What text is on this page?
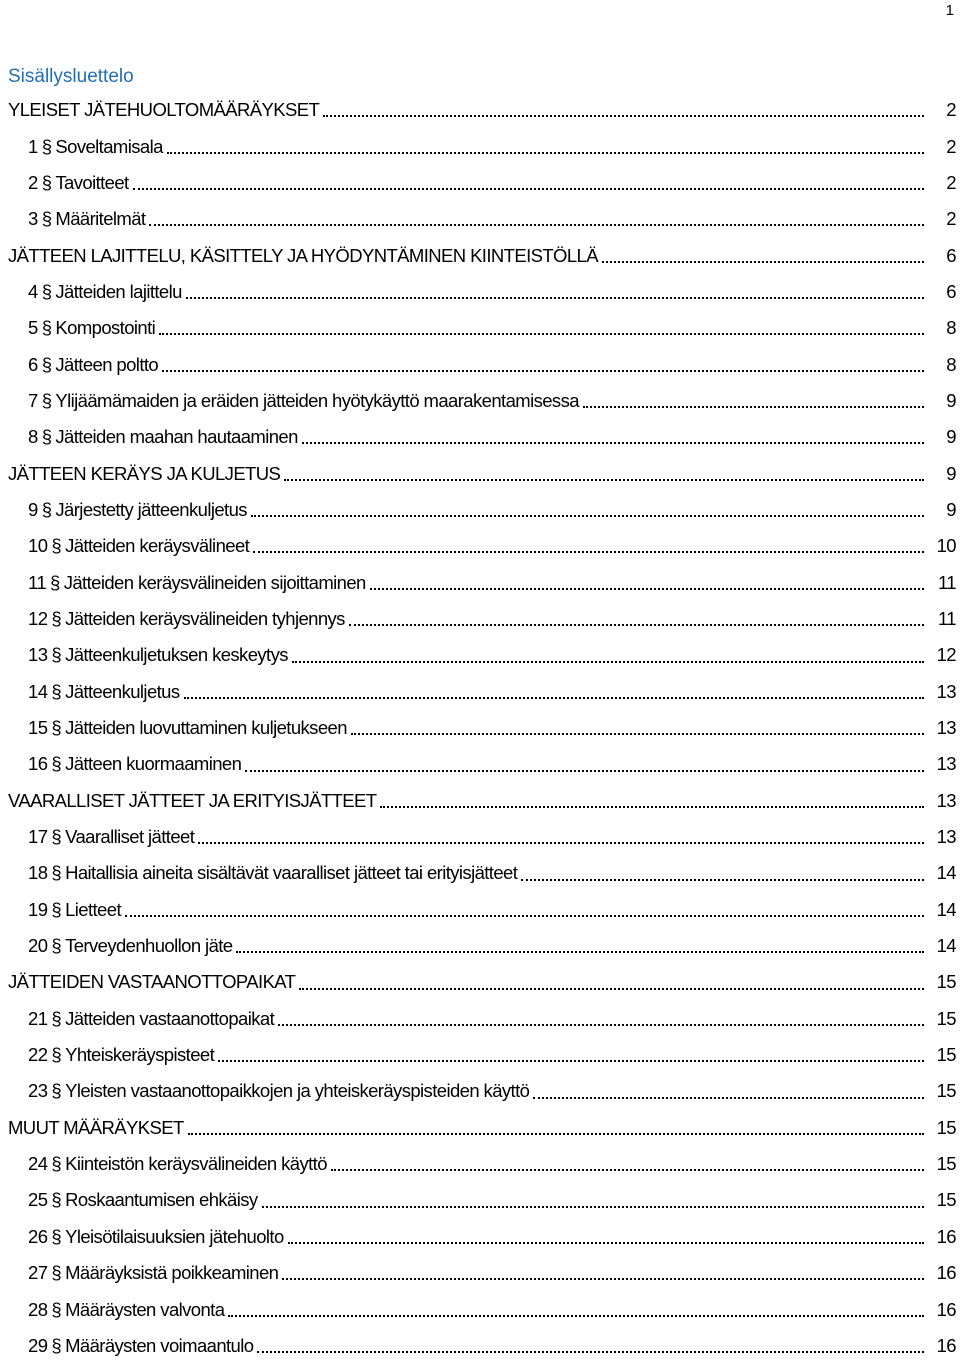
1
Sisällysluettelo
YLEISET JÄTEHUOLTOMÄÄRÄYKSET	2
1 § Soveltamisala	2
2 § Tavoitteet	2
3 § Määritelmät	2
JÄTTEEN LAJITTELU, KÄSITTELY JA HYÖDYNTÄMINEN KIINTEISTÖLLÄ	6
4 § Jätteiden lajittelu	6
5 § Kompostointi	8
6 § Jätteen poltto	8
7 § Ylijäämämaiden ja eräiden jätteiden hyötykäyttö maarakentamisessa	9
8 § Jätteiden maahan hautaaminen	9
JÄTTEEN KERÄYS JA KULJETUS	9
9 § Järjestetty jätteenkuljetus	9
10 § Jätteiden keräysvälineet	10
11 § Jätteiden keräysvälineiden sijoittaminen	11
12 § Jätteiden keräysvälineiden tyhjennys	11
13 § Jätteenkuljetuksen keskeytys	12
14 § Jätteenkuljetus	13
15 § Jätteiden luovuttaminen kuljetukseen	13
16 § Jätteen kuormaaminen	13
VAARALLISET JÄTTEET JA ERITYISJÄTTEET	13
17 § Vaaralliset jätteet	13
18 § Haitallisia aineita sisältävät vaaralliset jätteet tai erityisjätteet	14
19 § Lietteet	14
20 § Terveydenhuollon jäte	14
JÄTTEIDEN VASTAANOTTOPAIKAT	15
21 § Jätteiden vastaanottopaikat	15
22 § Yhteiskeräyspisteet	15
23 § Yleisten vastaanottopaikkojen ja yhteiskeräyspisteiden käyttö	15
MUUT MÄÄRÄYKSET	15
24 § Kiinteistön keräysvälineiden käyttö	15
25 § Roskaantumisen ehkäisy	15
26 § Yleisötilaisuuksien jätehuolto	16
27 § Määräyksistä poikkeaminen	16
28 § Määräysten valvonta	16
29 § Määräysten voimaantulo	16
